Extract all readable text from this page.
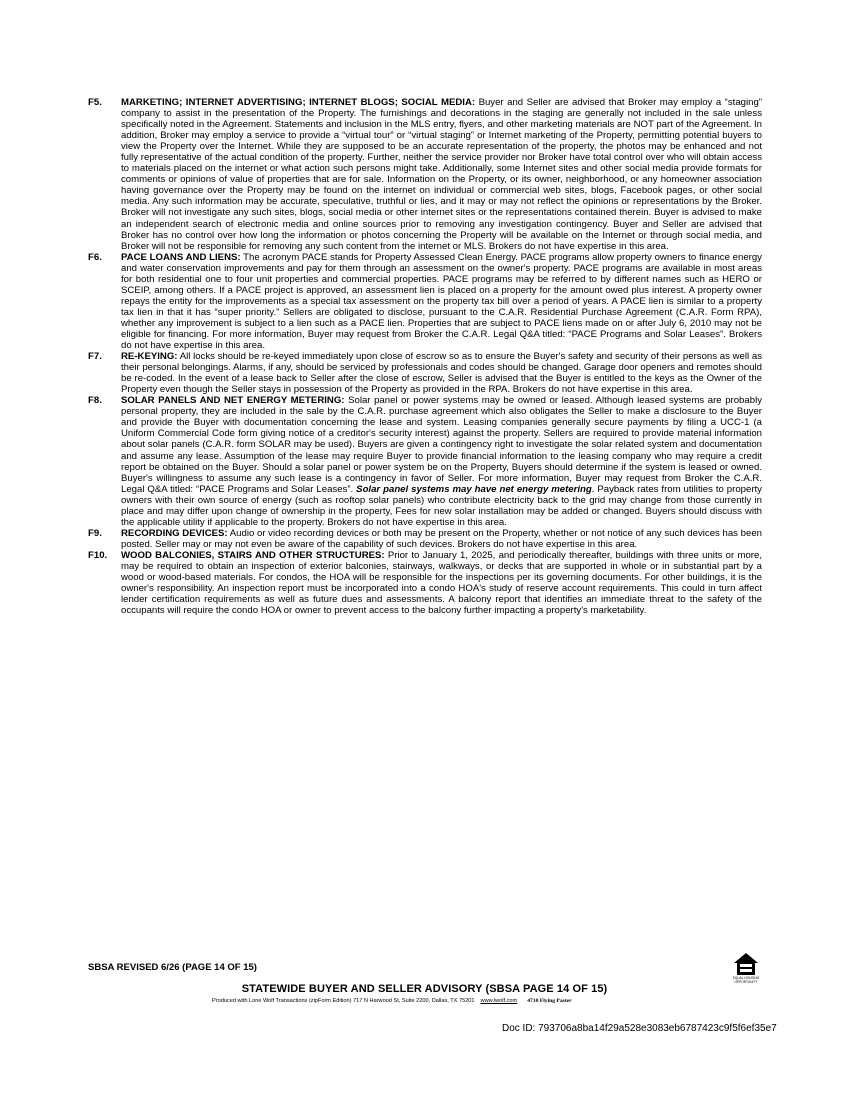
F5.	MARKETING; INTERNET ADVERTISING; INTERNET BLOGS; SOCIAL MEDIA: Buyer and Seller are advised that Broker may employ a “staging” company to assist in the presentation of the Property. The furnishings and decorations in the staging are generally not included in the sale unless specifically noted in the Agreement. Statements and inclusion in the MLS entry, flyers, and other marketing materials are NOT part of the Agreement. In addition, Broker may employ a service to provide a “virtual tour” or “virtual staging” or Internet marketing of the Property, permitting potential buyers to view the Property over the Internet. While they are supposed to be an accurate representation of the property, the photos may be enhanced and not fully representative of the actual condition of the property. Further, neither the service provider nor Broker have total control over who will obtain access to materials placed on the internet or what action such persons might take. Additionally, some Internet sites and other social media provide formats for comments or opinions of value of properties that are for sale. Information on the Property, or its owner, neighborhood, or any homeowner association having governance over the Property may be found on the internet on individual or commercial web sites, blogs, Facebook pages, or other social media. Any such information may be accurate, speculative, truthful or lies, and it may or may not reflect the opinions or representations by the Broker. Broker will not investigate any such sites, blogs, social media or other internet sites or the representations contained therein. Buyer is advised to make an independent search of electronic media and online sources prior to removing any investigation contingency. Buyer and Seller are advised that Broker has no control over how long the information or photos concerning the Property will be available on the Internet or through social media, and Broker will not be responsible for removing any such content from the internet or MLS. Brokers do not have expertise in this area.
F6.	PACE LOANS AND LIENS: The acronym PACE stands for Property Assessed Clean Energy. PACE programs allow property owners to finance energy and water conservation improvements and pay for them through an assessment on the owner's property. PACE programs are available in most areas for both residential one to four unit properties and commercial properties. PACE programs may be referred to by different names such as HERO or SCEIP, among others. If a PACE project is approved, an assessment lien is placed on a property for the amount owed plus interest. A property owner repays the entity for the improvements as a special tax assessment on the property tax bill over a period of years. A PACE lien is similar to a property tax lien in that it has “super priority.” Sellers are obligated to disclose, pursuant to the C.A.R. Residential Purchase Agreement (C.A.R. Form RPA), whether any improvement is subject to a lien such as a PACE lien. Properties that are subject to PACE liens made on or after July 6, 2010 may not be eligible for financing. For more information, Buyer may request from Broker the C.A.R. Legal Q&A titled: “PACE Programs and Solar Leases”. Brokers do not have expertise in this area.
F7.	RE-KEYING: All locks should be re-keyed immediately upon close of escrow so as to ensure the Buyer's safety and security of their persons as well as their personal belongings. Alarms, if any, should be serviced by professionals and codes should be changed. Garage door openers and remotes should be re-coded. In the event of a lease back to Seller after the close of escrow, Seller is advised that the Buyer is entitled to the keys as the Owner of the Property even though the Seller stays in possession of the Property as provided in the RPA. Brokers do not have expertise in this area.
F8.	SOLAR PANELS AND NET ENERGY METERING: Solar panel or power systems may be owned or leased. Although leased systems are probably personal property, they are included in the sale by the C.A.R. purchase agreement which also obligates the Seller to make a disclosure to the Buyer and provide the Buyer with documentation concerning the lease and system. Leasing companies generally secure payments by filing a UCC-1 (a Uniform Commercial Code form giving notice of a creditor's security interest) against the property. Sellers are required to provide material information about solar panels (C.A.R. form SOLAR may be used). Buyers are given a contingency right to investigate the solar related system and documentation and assume any lease. Assumption of the lease may require Buyer to provide financial information to the leasing company who may require a credit report be obtained on the Buyer. Should a solar panel or power system be on the Property, Buyers should determine if the system is leased or owned. Buyer's willingness to assume any such lease is a contingency in favor of Seller. For more information, Buyer may request from Broker the C.A.R. Legal Q&A titled: “PACE Programs and Solar Leases”. Solar panel systems may have net energy metering. Payback rates from utilities to property owners with their own source of energy (such as rooftop solar panels) who contribute electricity back to the grid may change from those currently in place and may differ upon change of ownership in the property, Fees for new solar installation may be added or changed. Buyers should discuss with the applicable utility if applicable to the property. Brokers do not have expertise in this area.
F9.	RECORDING DEVICES: Audio or video recording devices or both may be present on the Property, whether or not notice of any such devices has been posted. Seller may or may not even be aware of the capability of such devices. Brokers do not have expertise in this area.
F10.	WOOD BALCONIES, STAIRS AND OTHER STRUCTURES: Prior to January 1, 2025, and periodically thereafter, buildings with three units or more, may be required to obtain an inspection of exterior balconies, stairways, walkways, or decks that are supported in whole or in substantial part by a wood or wood-based materials. For condos, the HOA will be responsible for the inspections per its governing documents. For other buildings, it is the owner's responsibility. An inspection report must be incorporated into a condo HOA's study of reserve account requirements. This could in turn affect lender certification requirements as well as future dues and assessments. A balcony report that identifies an immediate threat to the safety of the occupants will require the condo HOA or owner to prevent access to the balcony further impacting a property's marketability.
SBSA REVISED 6/26 (PAGE 14 OF 15)
EQUAL HOUSING OPPORTUNITY
STATEWIDE BUYER AND SELLER ADVISORY (SBSA PAGE 14 OF 15)
Produced with Lone Wolf Transactions (zipForm Edition) 717 N Harwood St, Suite 2200, Dallas, TX 75201 www.lwolf.com 4710 Flying Paster
Doc ID: 793706a8ba14f29a528e3083eb6787423c9f5f6ef35e7
